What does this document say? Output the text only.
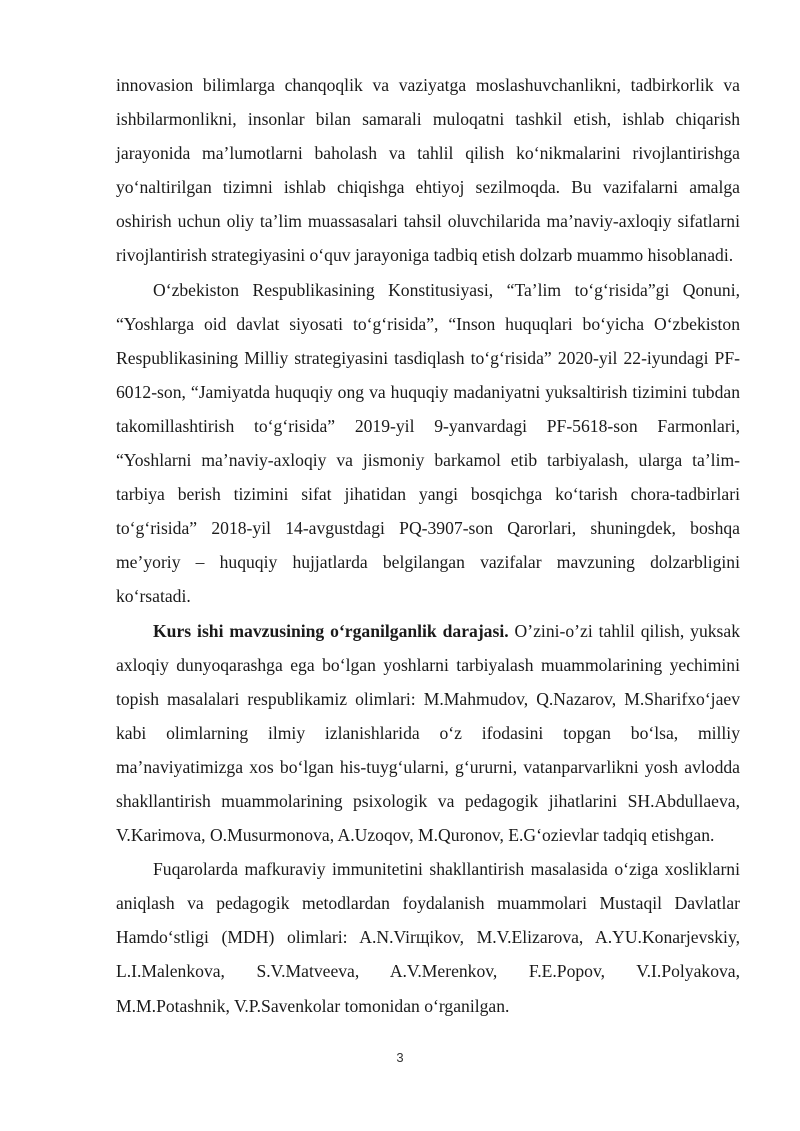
innovasion bilimlarga chanqoqlik va vaziyatga moslashuvchanlikni, tadbirkorlik va ishbilarmonlikni, insonlar bilan samarali muloqatni tashkil etish, ishlab chiqarish jarayonida ma’lumotlarni baholash va tahlil qilish ko‘nikmalarini rivojlantirishga yo‘naltirilgan tizimni ishlab chiqishga ehtiyoj sezilmoqda. Bu vazifalarni amalga oshirish uchun oliy ta’lim muassasalari tahsil oluvchilarida ma’naviy-axloqiy sifatlarni rivojlantirish strategiyasini o‘quv jarayoniga tadbiq etish dolzarb muammo hisoblanadi.

O‘zbekiston Respublikasining Konstitusiyasi, “Ta’lim to‘g‘risida”gi Qonuni, “Yoshlarga oid davlat siyosati to‘g‘risida”, “Inson huquqlari bo‘yicha O‘zbekiston Respublikasining Milliy strategiyasini tasdiqlash to‘g‘risida” 2020-yil 22-iyundagi PF-6012-son, “Jamiyatda huquqiy ong va huquqiy madaniyatni yuksaltirish tizimini tubdan takomillashtirish to‘g‘risida” 2019-yil 9-yanvardagi PF-5618-son Farmonlari, “Yoshlarni ma’naviy-axloqiy va jismoniy barkamol etib tarbiyalash, ularga ta’lim-tarbiya berish tizimini sifat jihatidan yangi bosqichga ko‘tarish chora-tadbirlari to‘g‘risida” 2018-yil 14-avgustdagi PQ-3907-son Qarorlari, shuningdek, boshqa me’yoriy – huquqiy hujjatlarda belgilangan vazifalar mavzuning dolzarbligini ko‘rsatadi.

Kurs ishi mavzusining o‘rganilganlik darajasi. O’zini-o’zi tahlil qilish, yuksak axloqiy dunyoqarashga ega bo‘lgan yoshlarni tarbiyalash muammolarining yechimini topish masalalari respublikamiz olimlari: M.Mahmudov, Q.Nazarov, M.Sharifxo‘jaev kabi olimlarning ilmiy izlanishlarida o‘z ifodasini topgan bo‘lsa, milliy ma’naviyatimizga xos bo‘lgan his-tuyg‘ularni, g‘ururni, vatanparvarlikni yosh avlodda shakllantirish muammolarining psixologik va pedagogik jihatlarini SH.Abdullaeva, V.Karimova, O.Musurmonova, A.Uzoqov, M.Quronov, E.G‘ozievlar tadqiq etishgan.

Fuqarolarda mafkuraviy immunitetini shakllantirish masalasida o‘ziga xosliklarni aniqlash va pedagogik metodlardan foydalanish muammolari Mustaqil Davlatlar Hamdo‘stligi (MDH) olimlari: A.N.Virщikov, M.V.Elizarova, A.YU.Konarjevskiy, L.I.Malenkova, S.V.Matveeva, A.V.Merenkov, F.E.Popov, V.I.Polyakova, M.M.Potashnik, V.P.Savenkolar tomonidan o‘rganilgan.

3
